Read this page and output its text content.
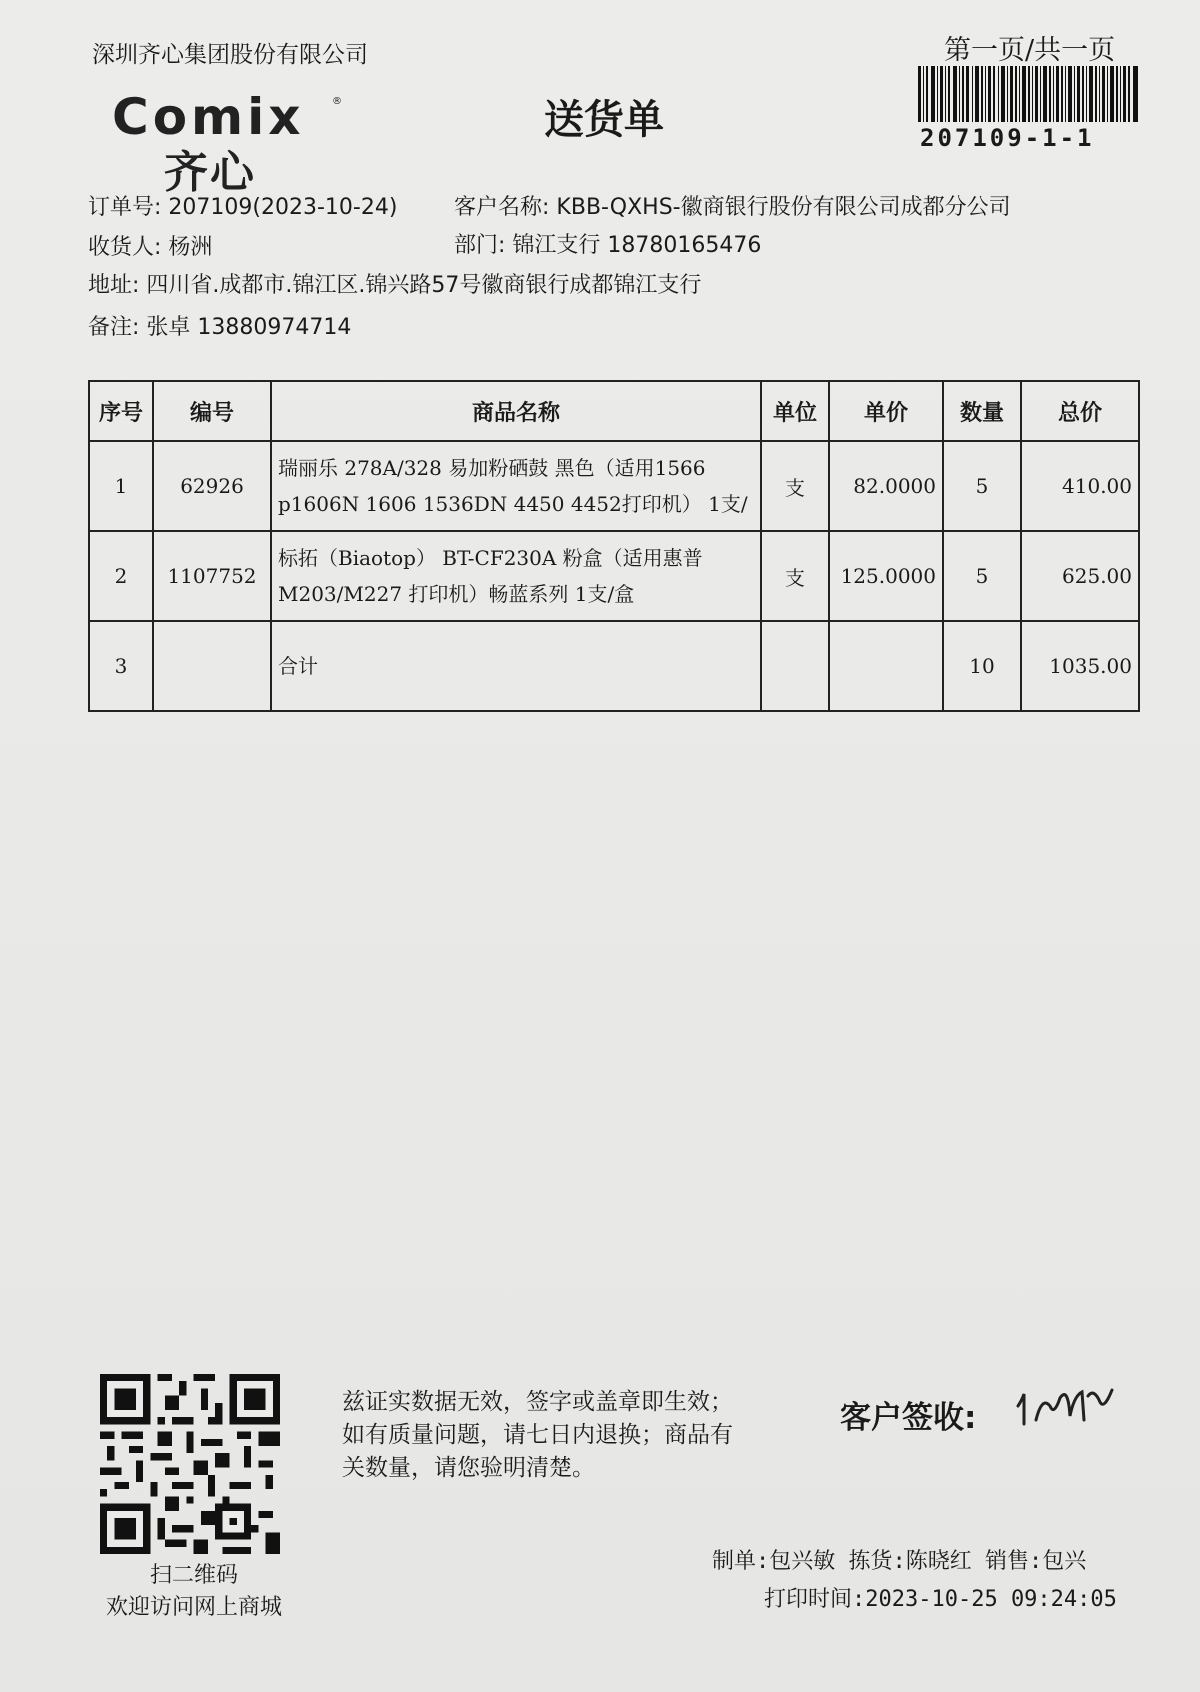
深圳齐心集团股份有限公司	第一页/共一页
207109-1-1
Comix	®
齐心
送货单
订单号: 207109(2023-10-24)	客户名称: KBB-QXHS-徽商银行股份有限公司成都分公司
收货人: 杨洲	部门: 锦江支行 18780165476
地址: 四川省.成都市.锦江区.锦兴路57号徽商银行成都锦江支行
备注: 张卓 13880974714
序号	编号	商品名称	单位	单价	数量	总价
1	62926	瑞丽乐 278A/328 易加粉硒鼓 黑色（适用1566 p1606N 1606 1536DN 4450 4452打印机） 1支/	支	82.0000	5	410.00
2	1107752	标拓（Biaotop） BT-CF230A 粉盒（适用惠普 M203/M227 打印机）畅蓝系列 1支/盒	支	125.0000	5	625.00
3		合计			10	1035.00
扫二维码
欢迎访问网上商城
兹证实数据无效，签字或盖章即生效；如有质量问题，请七日内退换；商品有关数量，请您验明清楚。
客户签收:
制单:包兴敏 拣货:陈晓红 销售:包兴
打印时间:2023-10-25 09:24:05
